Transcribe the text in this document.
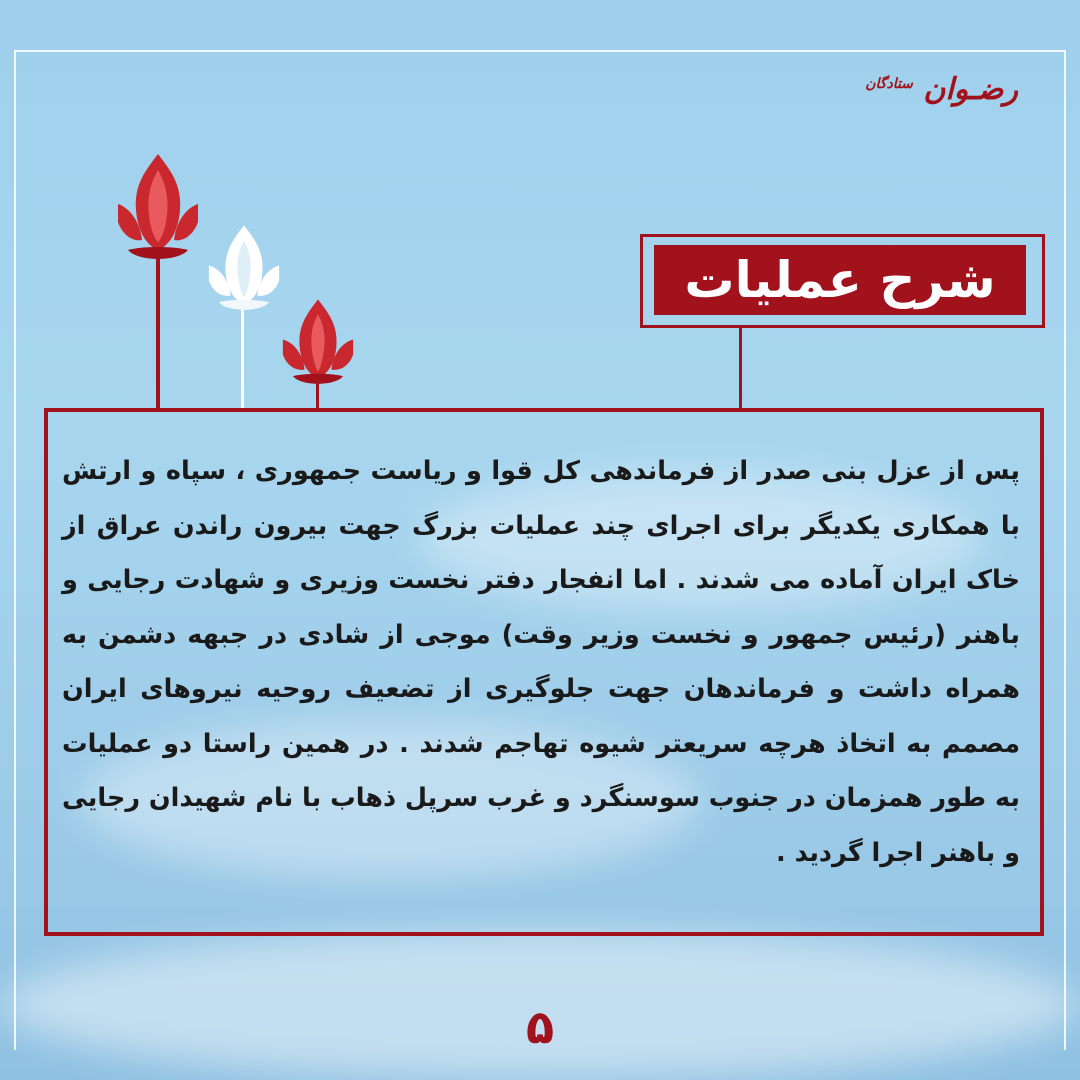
رضـوان $^{ستادگان}$
شرح عملیات
پس از عزل بنی صدر از فرماندهی کل قوا و ریاست جمهوری ، سپاه و ارتش با همکاری یکدیگر برای اجرای چند عملیات بزرگ جهت بیرون راندن عراق از خاک ایران آماده می شدند . اما انفجار دفتر نخست وزیری و شهادت رجایی و باهنر (رئیس جمهور و نخست وزیر وقت) موجی از شادی در جبهه دشمن به همراه داشت و فرماندهان جهت جلوگیری از تضعیف روحیه نیروهای ایران مصمم به اتخاذ هرچه سریعتر شیوه تهاجم شدند . در همین راستا دو عملیات به طور همزمان در جنوب سوسنگرد و غرب سرپل ذهاب با نام شهیدان رجایی و باهنر اجرا گردید .
۵
